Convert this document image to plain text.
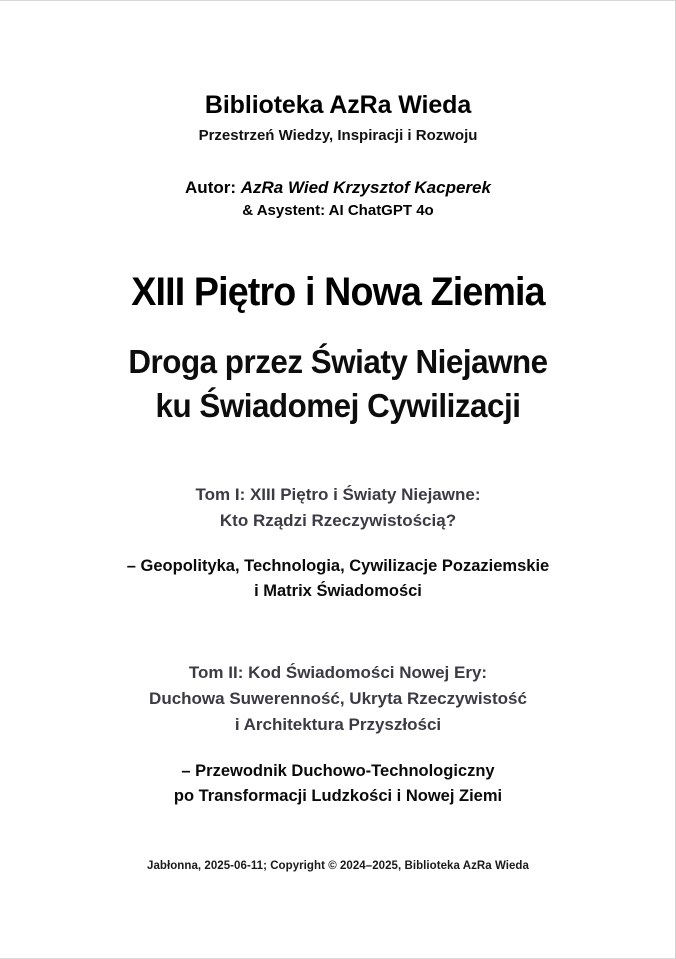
Biblioteka AzRa Wieda
Przestrzeń Wiedzy, Inspiracji i Rozwoju
Autor: AzRa Wied Krzysztof Kacperek
& Asystent: AI ChatGPT 4o
XIII Piętro i Nowa Ziemia
Droga przez Światy Niejawne
ku Świadomej Cywilizacji
Tom I: XIII Piętro i Światy Niejawne:
Kto Rządzi Rzeczywistością?
– Geopolityka, Technologia, Cywilizacje Pozaziemskie
i Matrix Świadomości
Tom II: Kod Świadomości Nowej Ery:
Duchowa Suwerenność, Ukryta Rzeczywistość
i Architektura Przyszłości
– Przewodnik Duchowo-Technologiczny
po Transformacji Ludzkości i Nowej Ziemi
Jabłonna, 2025-06-11; Copyright © 2024–2025, Biblioteka AzRa Wieda
